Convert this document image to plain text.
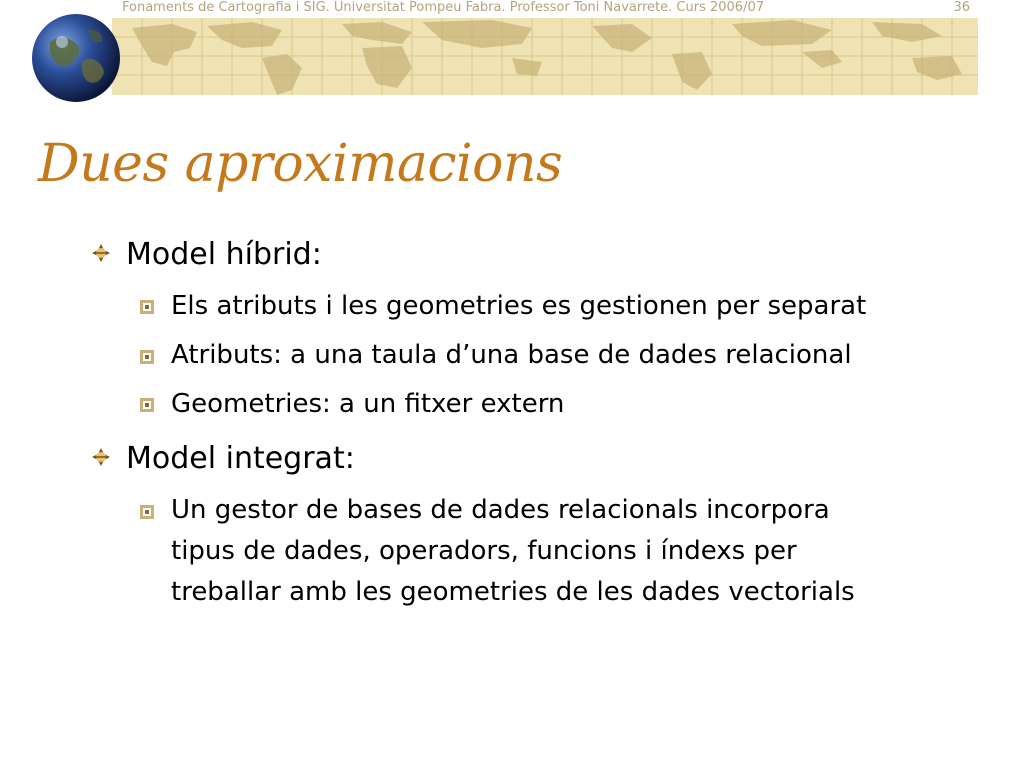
Fonaments de Cartografia i SIG. Universitat Pompeu Fabra. Professor Toni Navarrete. Curs 2006/07	36
Dues aproximacions
Model híbrid:
Els atributs i les geometries es gestionen per separat
Atributs: a una taula d’una base de dades relacional
Geometries: a un fitxer extern
Model integrat:
Un gestor de bases de dades relacionals incorpora
tipus de dades, operadors, funcions i índexs per
treballar amb les geometries de les dades vectorials
